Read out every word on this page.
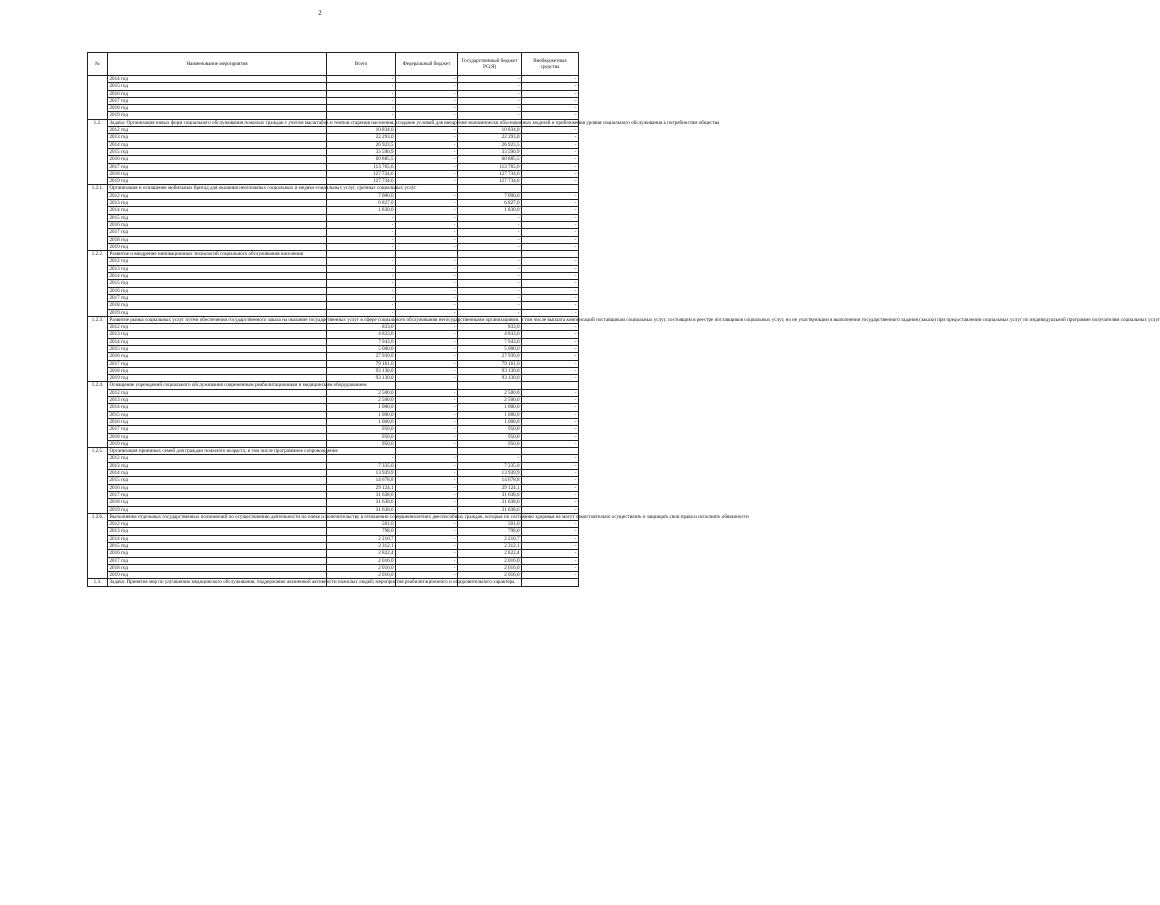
2
№	Наименование мероприятия	Всего	Федеральный бюджет	Государственный бюджет РС(Я)	Внебюджетные средства
	2014 год	-	-	-	-
	2015 год	-	-	-	-
	2016 год	-	-	-	-
	2017 год	-	-	-	-
	2018 год	-	-	-	-
	2019 год	-	-	-	-
1.2.	Задача: Организация новых форм социального обслуживания пожилых граждан с учетом масштабов и темпов старения населения, создание условий для внедрения экономически обоснованных моделей и приближения уровня социального обслуживания к потребностям общества				
	2012 год	10 834,0	-	10 834,0	-
	2013 год	22 293,0	-	22 293,0	-
	2014 год	26 923,5	-	26 923,5	-
	2015 год	33 590,9	-	33 590,9	-
	2016 год	60 885,5	-	60 885,5	-
	2017 год	113 765,6	-	113 765,6	-
	2018 год	127 734,6	-	127 734,6	-
	2019 год	127 734,6	-	127 734,6	-
1.2.1.	Организация и оснащение мобильных бригад для оказания неотложных социальных и медико-социальных услуг, срочных социальных услуг				
	2012 год	7 000,0	-	7 000,0	-
	2013 год	6 827,0	-	6 827,0	-
	2014 год	1 830,0	-	1 830,0	-
	2015 год	-	-	-	-
	2016 год	-	-	-	-
	2017 год	-	-	-	-
	2018 год	-	-	-	-
	2019 год	-	-	-	-
1.2.2.	Развитие и внедрение инновационных технологий социального обслуживания населения				
	2012 год	-	-	-	-
	2013 год	-	-	-	-
	2014 год	-	-	-	-
	2015 год	-	-	-	-
	2016 год	-	-	-	-
	2017 год	-	-	-	-
	2018 год	-	-	-	-
	2019 год	-	-	-	-
1.2.3.	Развитие рынка социальных услуг путем обеспечения государственного заказа на оказание государственных услуг в сфере социального обслуживания негосударственными организациями, в том числе выплата компенсаций поставщикам социальных услуг, состоящим в реестре поставщиков социальных услуг, но не участвующим в выполнении государственного задания (заказа) при предоставлении социальных услуг по индивидуальной программе получателям социальных услуг				
	2012 год	833,0	-	833,0	-
	2013 год	4 833,0	-	4 833,0	-
	2014 год	7 943,0	-	7 943,0	-
	2015 год	5 000,0	-	5 000,0	-
	2016 год	27 939,0	-	27 939,0	-
	2017 год	79 161,0	-	79 161,0	-
	2018 год	93 130,0	-	93 130,0	-
	2019 год	93 130,0	-	93 130,0	-
1.2.4.	Оснащение учреждений социального обслуживания современным реабилитационным и медицинским оборудованием				
	2012 год	2 500,0	-	2 500,0	-
	2013 год	2 500,0	-	2 500,0	-
	2014 год	1 000,0	-	1 000,0	-
	2015 год	1 000,0	-	1 000,0	-
	2016 год	1 000,0	-	1 000,0	-
	2017 год	950,0	-	950,0	-
	2018 год	950,0	-	950,0	-
	2019 год	950,0	-	950,0	-
1.2.5.	Организация приемных семей для граждан пожилого возраста, в том числе программное сопровождение				
	2012 год	-	-	-	-
	2013 год	7 335,0	-	7 335,0	-
	2014 год	13 939,9	-	13 939,9	-
	2015 год	14 678,8	-	14 678,8	-
	2016 год	29 124,1	-	29 124,1	-
	2017 год	31 638,6	-	31 638,6	-
	2018 год	31 638,6	-	31 638,6	-
	2019 год	31 638,6	-	31 638,6	-
1.2.6.	Выполнение отдельных государственных полномочий по осуществлению деятельности по опеке и попечительству в отношении совершеннолетних дееспособных граждан, которые по состоянию здоровья не могут самостоятельно осуществлять и защищать свои права и исполнять обязанности				
	2012 год	501,0	-	501,0	-
	2013 год	798,0	-	798,0	-
	2014 год	2 210,7	-	2 210,7	-
	2015 год	2 312,1	-	2 312,1	-
	2016 год	2 822,4	-	2 822,4	-
	2017 год	2 016,0	-	2 016,0	-
	2018 год	2 016,0	-	2 016,0	-
	2019 год	2 016,0	-	2 016,0	-
1.3.	Задача: Принятие мер по улучшению медицинского обслуживания, поддержание жизненной активности пожилых людей; мероприятия реабилитационного и оздоровительного характера				
